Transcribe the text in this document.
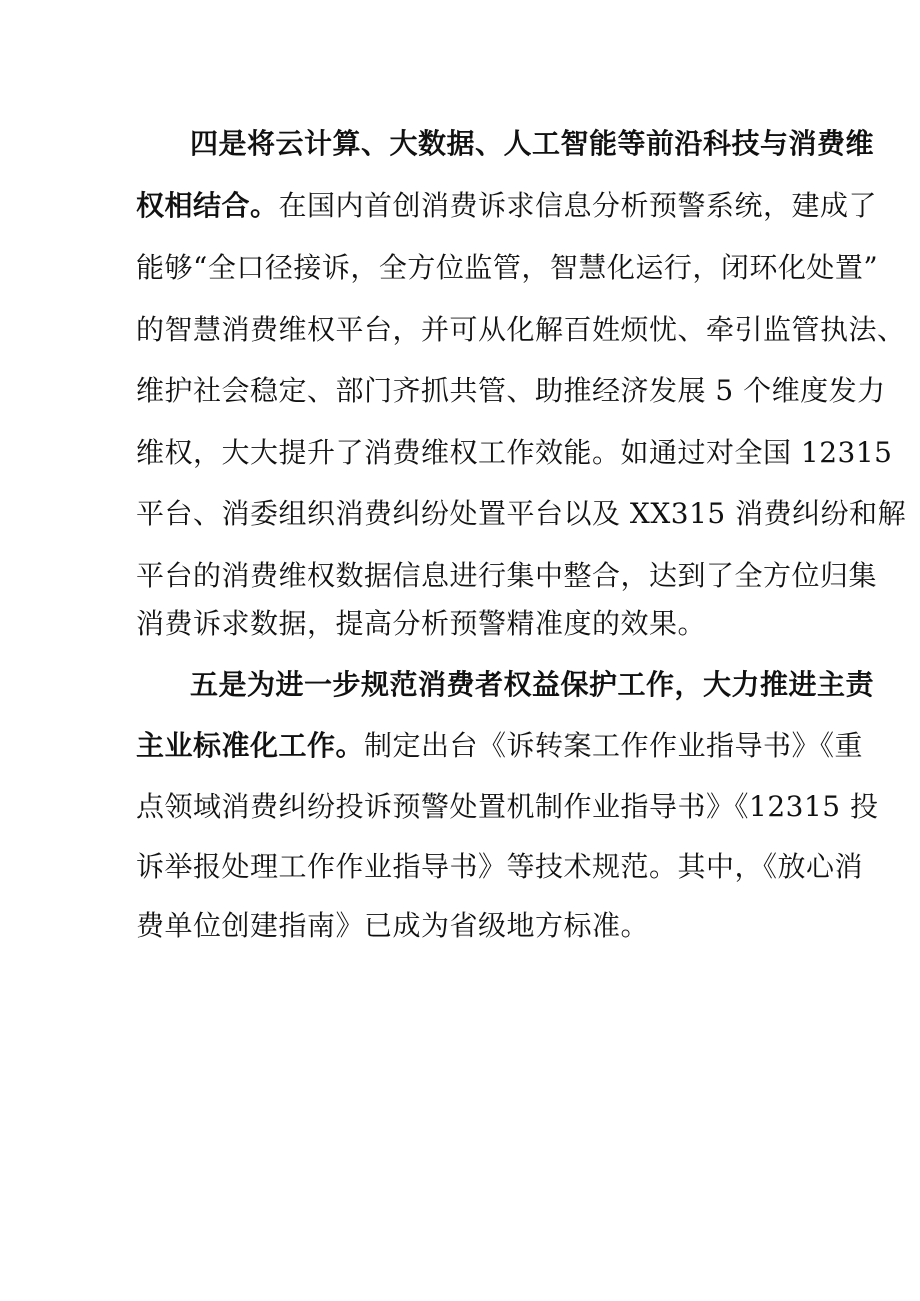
四是将云计算、大数据、人工智能等前沿科技与消费维
权相结合。在国内首创消费诉求信息分析预警系统，建成了
能够“全口径接诉，全方位监管，智慧化运行，闭环化处置”
的智慧消费维权平台，并可从化解百姓烦忧、牵引监管执法、
维护社会稳定、部门齐抓共管、助推经济发展 5 个维度发力
维权，大大提升了消费维权工作效能。如通过对全国 12315
平台、消委组织消费纠纷处置平台以及 XX315 消费纠纷和解
平台的消费维权数据信息进行集中整合，达到了全方位归集
消费诉求数据，提高分析预警精准度的效果。
五是为进一步规范消费者权益保护工作，大力推进主责
主业标准化工作。制定出台《诉转案工作作业指导书》《重
点领域消费纠纷投诉预警处置机制作业指导书》《12315 投
诉举报处理工作作业指导书》等技术规范。其中，《放心消
费单位创建指南》已成为省级地方标准。
